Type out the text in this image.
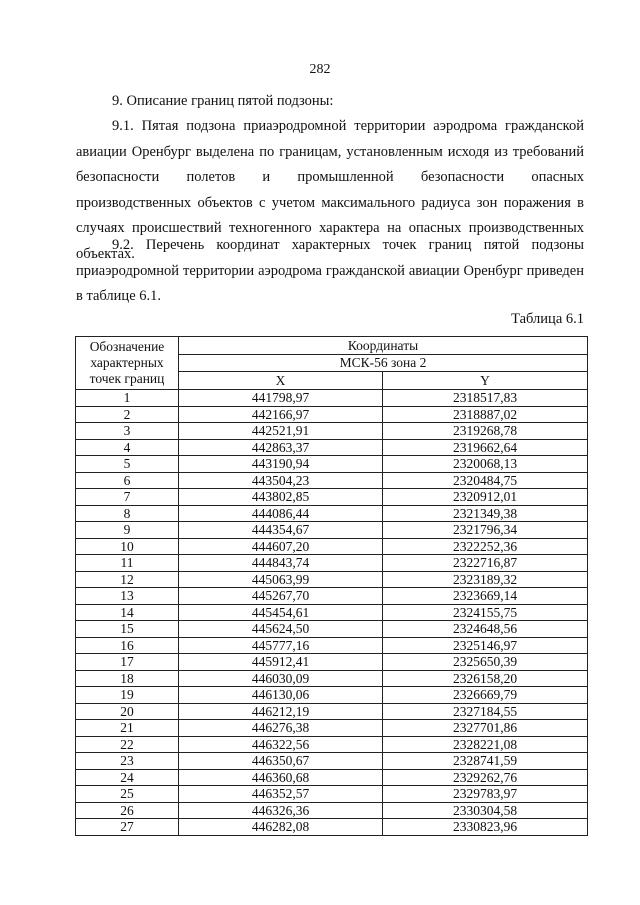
282
9. Описание границ пятой подзоны:
9.1. Пятая подзона приаэродромной территории аэродрома гражданской авиации Оренбург выделена по границам, установленным исходя из требований безопасности полетов и промышленной безопасности опасных производственных объектов с учетом максимального радиуса зон поражения в случаях происшествий техногенного характера на опасных производственных объектах.
9.2. Перечень координат характерных точек границ пятой подзоны приаэродромной территории аэродрома гражданской авиации Оренбург приведен в таблице 6.1.
Таблица 6.1
Обозначение характерных точек границ	Координаты	
	МСК-56 зона 2	
	X	Y
1	441798,97	2318517,83
2	442166,97	2318887,02
3	442521,91	2319268,78
4	442863,37	2319662,64
5	443190,94	2320068,13
6	443504,23	2320484,75
7	443802,85	2320912,01
8	444086,44	2321349,38
9	444354,67	2321796,34
10	444607,20	2322252,36
11	444843,74	2322716,87
12	445063,99	2323189,32
13	445267,70	2323669,14
14	445454,61	2324155,75
15	445624,50	2324648,56
16	445777,16	2325146,97
17	445912,41	2325650,39
18	446030,09	2326158,20
19	446130,06	2326669,79
20	446212,19	2327184,55
21	446276,38	2327701,86
22	446322,56	2328221,08
23	446350,67	2328741,59
24	446360,68	2329262,76
25	446352,57	2329783,97
26	446326,36	2330304,58
27	446282,08	2330823,96
